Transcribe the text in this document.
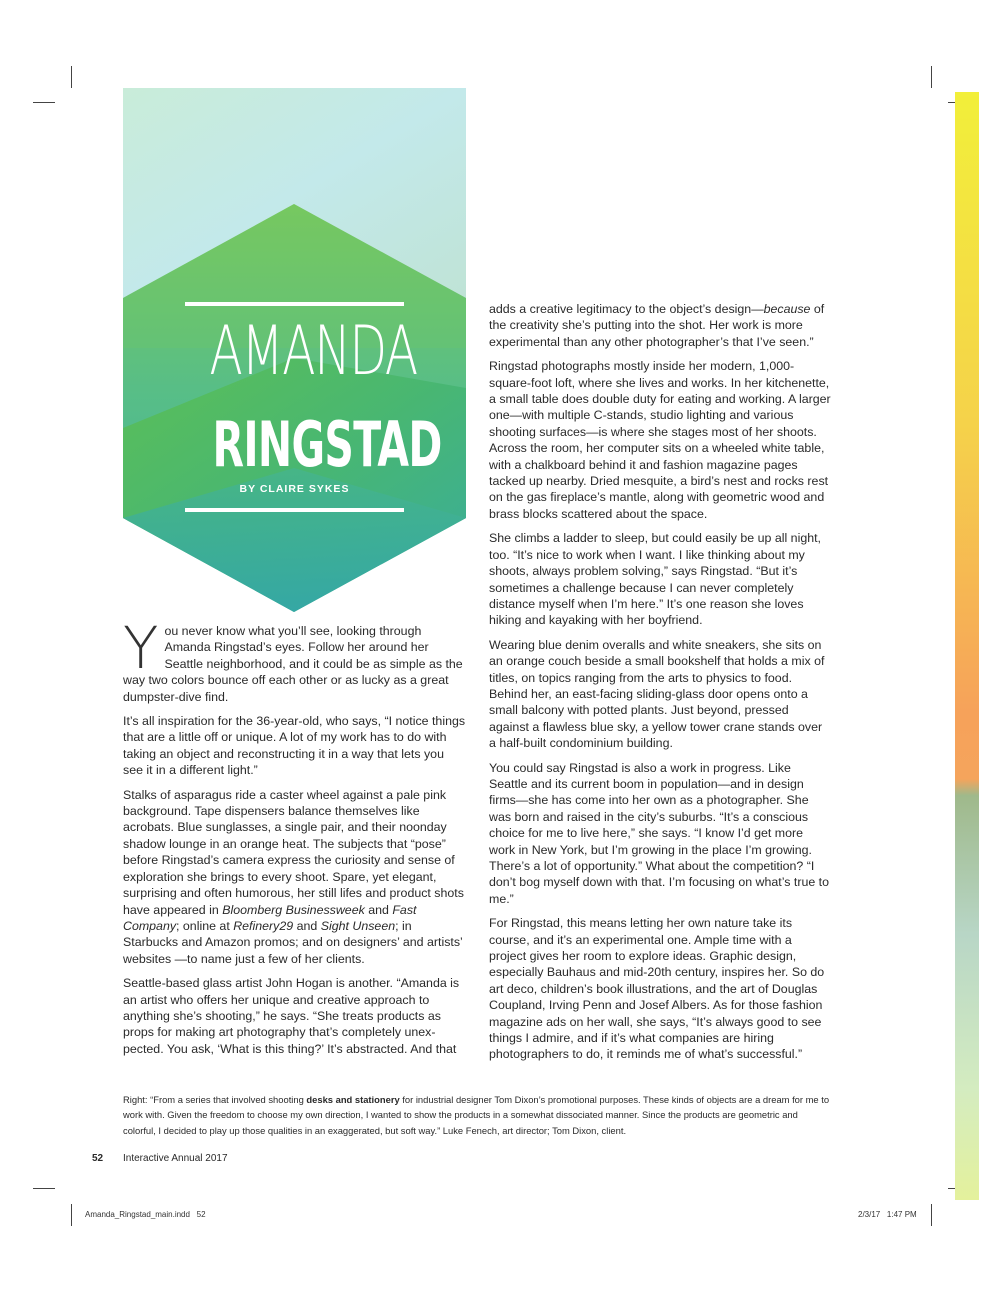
AMANDA
RINGSTAD
BY CLAIRE SYKES

You never know what you’ll see, looking through Amanda Ringstad’s eyes. Follow her around her Seattle neighborhood, and it could be as simple as the way two colors bounce off each other or as lucky as a great dumpster-dive find.

It’s all inspiration for the 36-year-old, who says, “I notice things that are a little off or unique. A lot of my work has to do with taking an object and reconstructing it in a way that lets you see it in a different light.”

Stalks of asparagus ride a caster wheel against a pale pink background. Tape dispensers balance themselves like acrobats. Blue sunglasses, a single pair, and their noonday shadow lounge in an orange heat. The subjects that “pose” before Ringstad’s camera express the curiosity and sense of exploration she brings to every shoot. Spare, yet elegant, surprising and often humorous, her still lifes and product shots have appeared in Bloomberg Businessweek and Fast Company; online at Refinery29 and Sight Unseen; in Starbucks and Amazon promos; and on designers’ and artists’ websites —to name just a few of her clients.

Seattle-based glass artist John Hogan is another. “Amanda is an artist who offers her unique and creative approach to anything she’s shooting,” he says. “She treats products as props for making art photography that’s completely unex-pected. You ask, ‘What is this thing?’ It’s abstracted. And that

adds a creative legitimacy to the object’s design—because of the creativity she’s putting into the shot. Her work is more experimental than any other photographer’s that I’ve seen.”

Ringstad photographs mostly inside her modern, 1,000-square-foot loft, where she lives and works. In her kitchenette, a small table does double duty for eating and working. A larger one—with multiple C-stands, studio lighting and various shooting surfaces—is where she stages most of her shoots. Across the room, her computer sits on a wheeled white table, with a chalkboard behind it and fashion magazine pages tacked up nearby. Dried mesquite, a bird’s nest and rocks rest on the gas fireplace’s mantle, along with geometric wood and brass blocks scattered about the space.

She climbs a ladder to sleep, but could easily be up all night, too. “It’s nice to work when I want. I like thinking about my shoots, always problem solving,” says Ringstad. “But it’s sometimes a challenge because I can never completely distance myself when I’m here.” It’s one reason she loves hiking and kayaking with her boyfriend.

Wearing blue denim overalls and white sneakers, she sits on an orange couch beside a small bookshelf that holds a mix of titles, on topics ranging from the arts to physics to food. Behind her, an east-facing sliding-glass door opens onto a small balcony with potted plants. Just beyond, pressed against a flawless blue sky, a yellow tower crane stands over a half-built condominium building.

You could say Ringstad is also a work in progress. Like Seattle and its current boom in population—and in design firms—she has come into her own as a photographer. She was born and raised in the city’s suburbs. “It’s a conscious choice for me to live here,” she says. “I know I’d get more work in New York, but I’m growing in the place I’m growing. There’s a lot of opportunity.” What about the competition? “I don’t bog myself down with that. I’m focusing on what’s true to me.”

For Ringstad, this means letting her own nature take its course, and it’s an experimental one. Ample time with a project gives her room to explore ideas. Graphic design, especially Bauhaus and mid-20th century, inspires her. So do art deco, children’s book illustrations, and the art of Douglas Coupland, Irving Penn and Josef Albers. As for those fashion magazine ads on her wall, she says, “It’s always good to see things I admire, and if it’s what companies are hiring photographers to do, it reminds me of what’s successful.”

Right: “From a series that involved shooting desks and stationery for industrial designer Tom Dixon’s promotional purposes. These kinds of objects are a dream for me to work with. Given the freedom to choose my own direction, I wanted to show the products in a somewhat dissociated manner. Since the products are geometric and colorful, I decided to play up those qualities in an exaggerated, but soft way.” Luke Fenech, art director; Tom Dixon, client.
52 Interactive Annual 2017
Amanda_Ringstad_main.indd   52	2/3/17   1:47 PM
